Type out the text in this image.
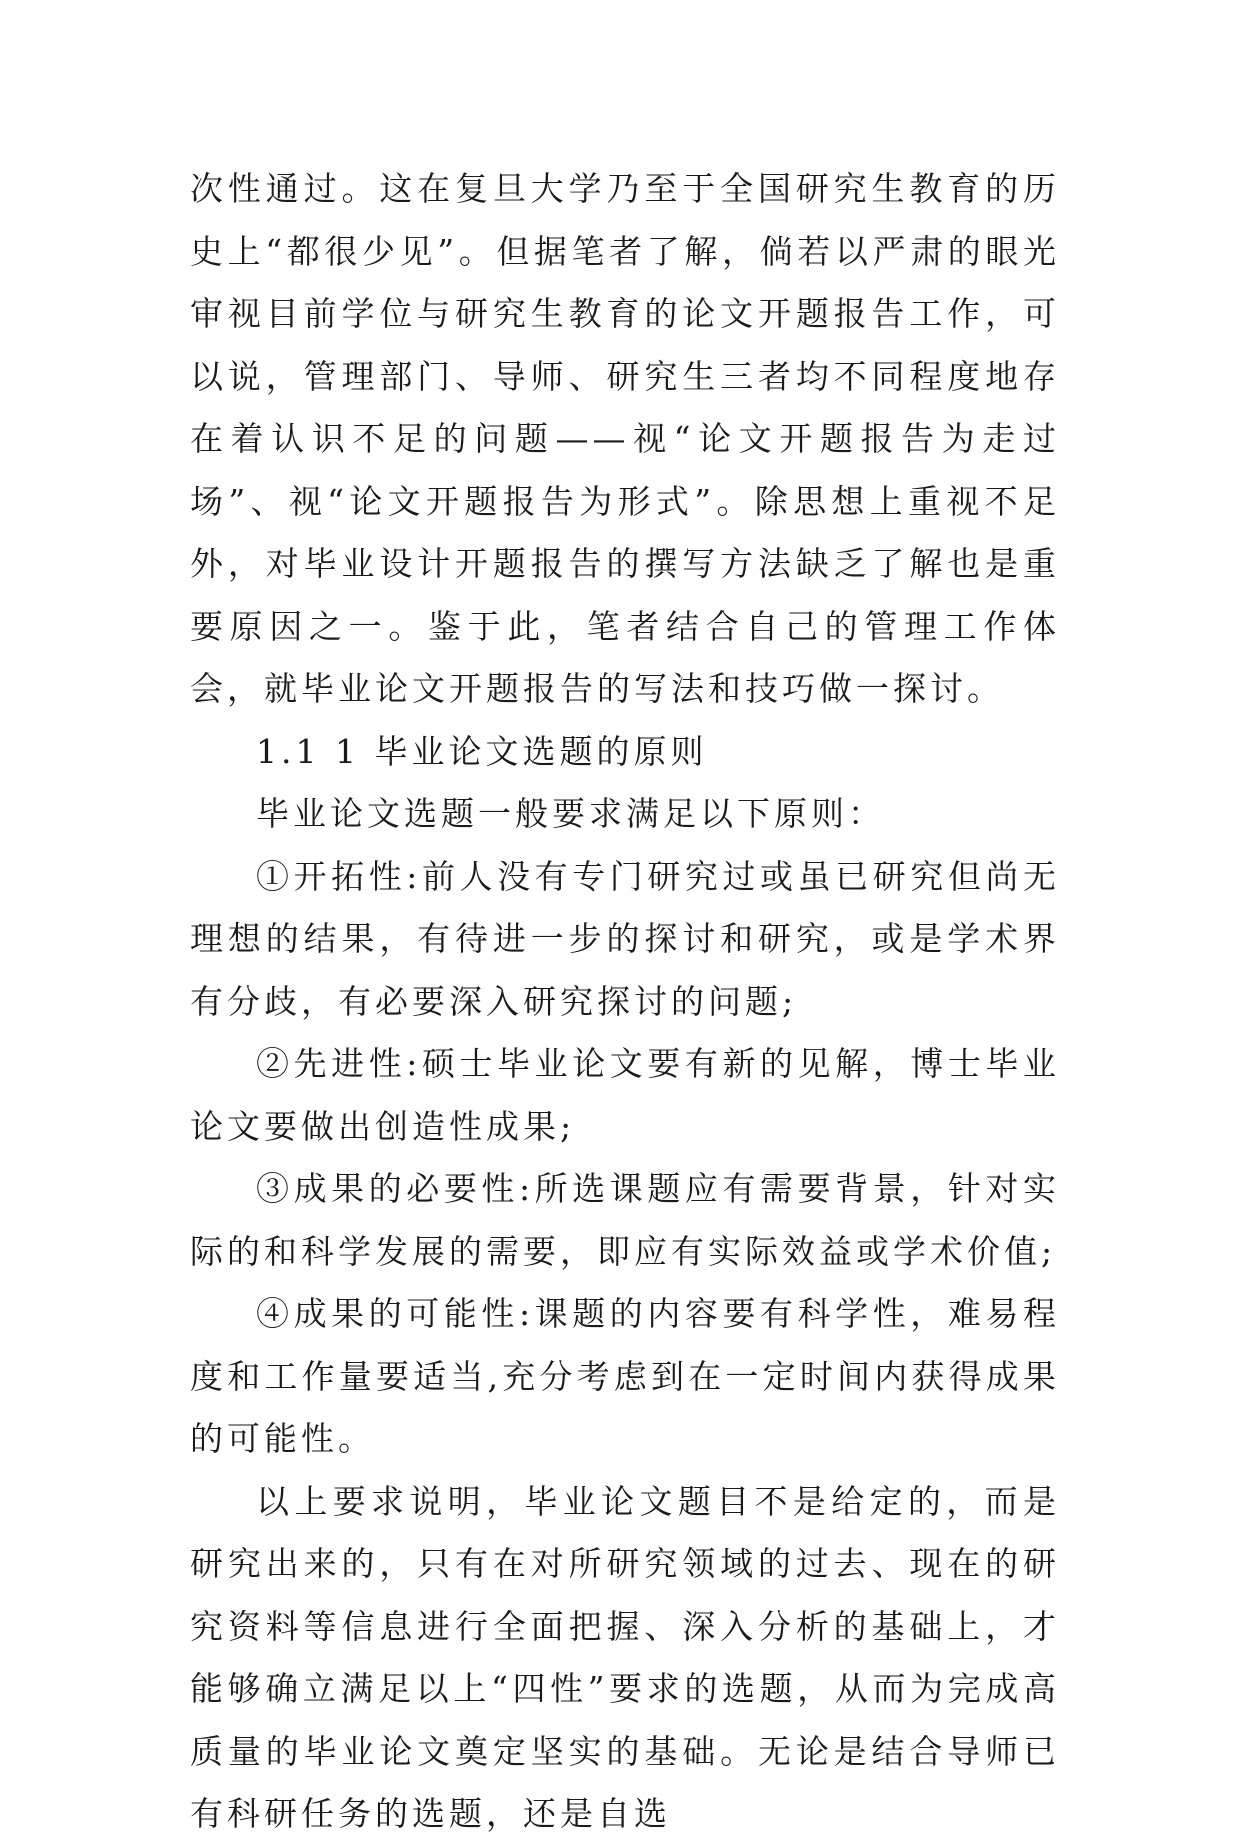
次性通过。这在复旦大学乃至于全国研究生教育的历史上“都很少见”。但据笔者了解，倘若以严肃的眼光审视目前学位与研究生教育的论文开题报告工作，可以说，管理部门、导师、研究生三者均不同程度地存在着认识不足的问题——视“论文开题报告为走过场”、视“论文开题报告为形式”。除思想上重视不足外，对毕业设计开题报告的撰写方法缺乏了解也是重要原因之一。鉴于此，笔者结合自己的管理工作体会，就毕业论文开题报告的写法和技巧做一探讨。

1.1 1 毕业论文选题的原则

毕业论文选题一般要求满足以下原则：

①开拓性:前人没有专门研究过或虽已研究但尚无理想的结果，有待进一步的探讨和研究，或是学术界有分歧，有必要深入研究探讨的问题;

②先进性:硕士毕业论文要有新的见解，博士毕业论文要做出创造性成果;

③成果的必要性:所选课题应有需要背景，针对实际的和科学发展的需要，即应有实际效益或学术价值;

④成果的可能性:课题的内容要有科学性，难易程度和工作量要适当,充分考虑到在一定时间内获得成果的可能性。

以上要求说明，毕业论文题目不是给定的，而是研究出来的，只有在对所研究领域的过去、现在的研究资料等信息进行全面把握、深入分析的基础上，才能够确立满足以上“四性”要求的选题，从而为完成高质量的毕业论文奠定坚实的基础。无论是结合导师已有科研任务的选题，还是自选
